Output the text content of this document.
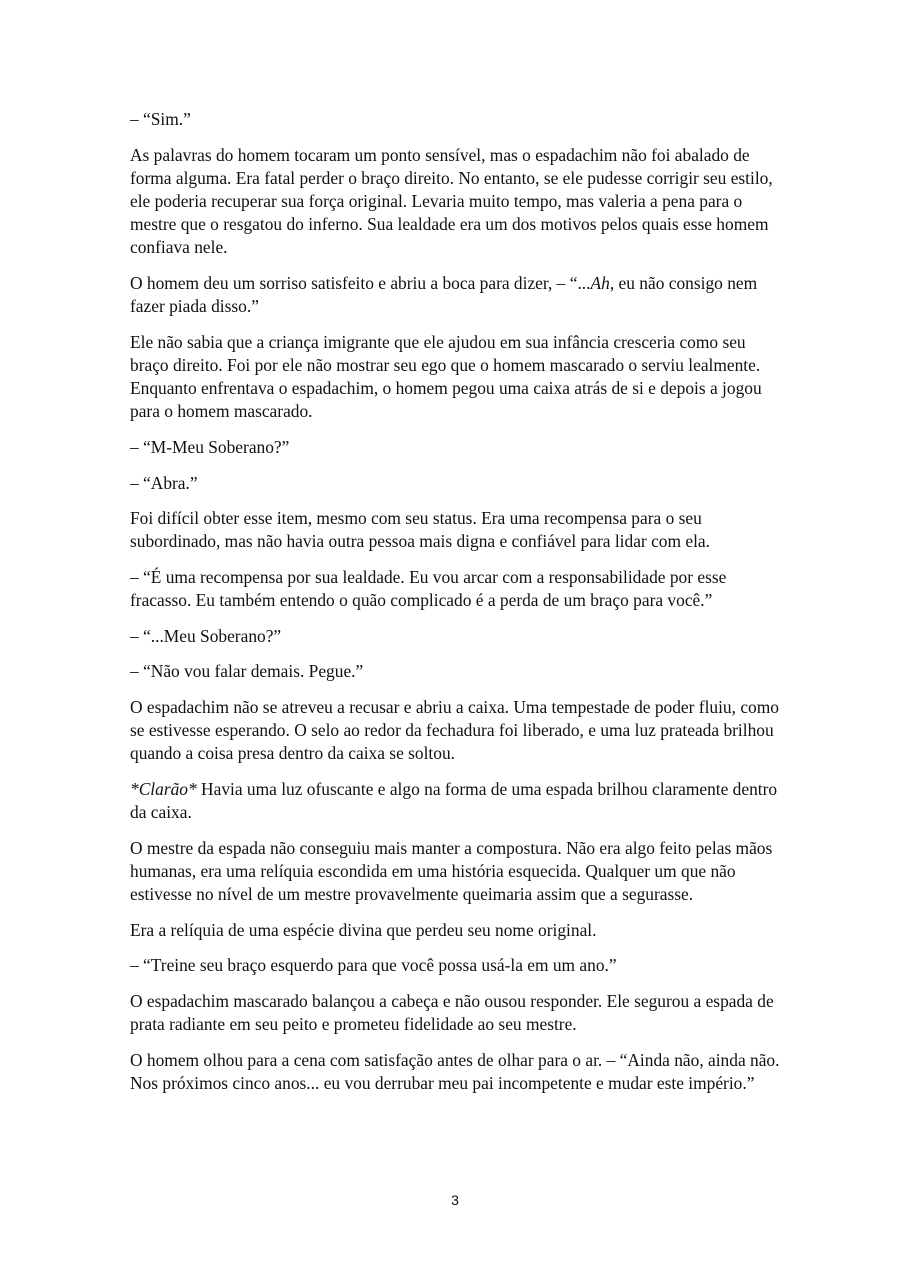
– “Sim.”

As palavras do homem tocaram um ponto sensível, mas o espadachim não foi abalado de forma alguma. Era fatal perder o braço direito. No entanto, se ele pudesse corrigir seu estilo, ele poderia recuperar sua força original. Levaria muito tempo, mas valeria a pena para o mestre que o resgatou do inferno. Sua lealdade era um dos motivos pelos quais esse homem confiava nele.

O homem deu um sorriso satisfeito e abriu a boca para dizer, – “...Ah, eu não consigo nem fazer piada disso.”

Ele não sabia que a criança imigrante que ele ajudou em sua infância cresceria como seu braço direito. Foi por ele não mostrar seu ego que o homem mascarado o serviu lealmente. Enquanto enfrentava o espadachim, o homem pegou uma caixa atrás de si e depois a jogou para o homem mascarado.

– “M-Meu Soberano?”

– “Abra.”

Foi difícil obter esse item, mesmo com seu status. Era uma recompensa para o seu subordinado, mas não havia outra pessoa mais digna e confiável para lidar com ela.

– “É uma recompensa por sua lealdade. Eu vou arcar com a responsabilidade por esse fracasso. Eu também entendo o quão complicado é a perda de um braço para você.”

– “...Meu Soberano?”

– “Não vou falar demais. Pegue.”

O espadachim não se atreveu a recusar e abriu a caixa. Uma tempestade de poder fluiu, como se estivesse esperando. O selo ao redor da fechadura foi liberado, e uma luz prateada brilhou quando a coisa presa dentro da caixa se soltou.

*Clarão* Havia uma luz ofuscante e algo na forma de uma espada brilhou claramente dentro da caixa.

O mestre da espada não conseguiu mais manter a compostura. Não era algo feito pelas mãos humanas, era uma relíquia escondida em uma história esquecida. Qualquer um que não estivesse no nível de um mestre provavelmente queimaria assim que a segurasse.

Era a relíquia de uma espécie divina que perdeu seu nome original.

– “Treine seu braço esquerdo para que você possa usá-la em um ano.”

O espadachim mascarado balançou a cabeça e não ousou responder. Ele segurou a espada de prata radiante em seu peito e prometeu fidelidade ao seu mestre.

O homem olhou para a cena com satisfação antes de olhar para o ar. – “Ainda não, ainda não. Nos próximos cinco anos... eu vou derrubar meu pai incompetente e mudar este império.”

3
